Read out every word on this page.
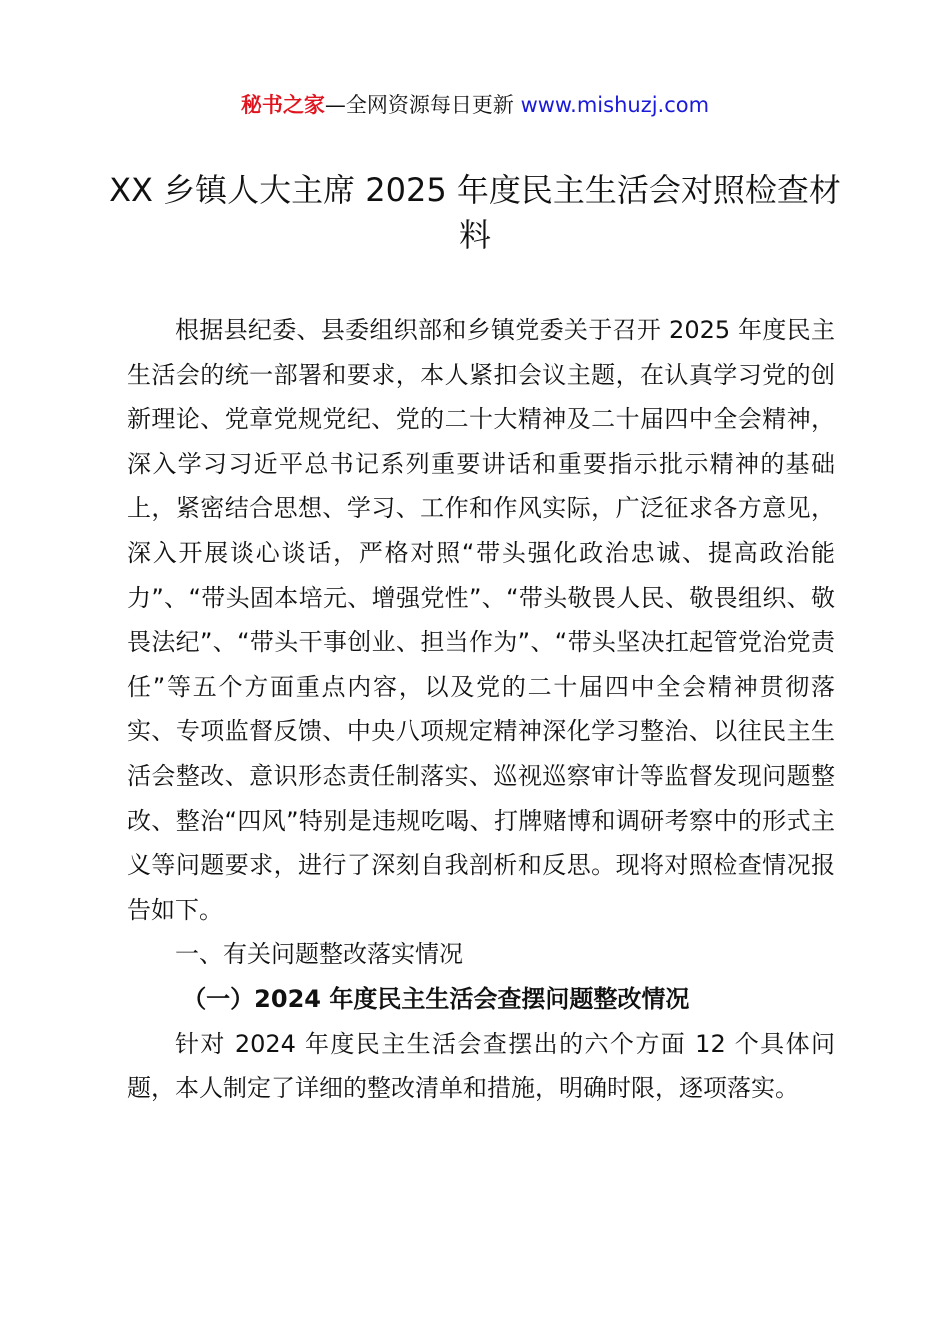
秘书之家—全网资源每日更新 www.mishuzj.com
XX 乡镇人大主席 2025 年度民主生活会对照检查材料

根据县纪委、县委组织部和乡镇党委关于召开 2025 年度民主生活会的统一部署和要求，本人紧扣会议主题，在认真学习党的创新理论、党章党规党纪、党的二十大精神及二十届四中全会精神，深入学习习近平总书记系列重要讲话和重要指示批示精神的基础上，紧密结合思想、学习、工作和作风实际，广泛征求各方意见，深入开展谈心谈话，严格对照“带头强化政治忠诚、提高政治能力”、“带头固本培元、增强党性”、“带头敬畏人民、敬畏组织、敬畏法纪”、“带头干事创业、担当作为”、“带头坚决扛起管党治党责任”等五个方面重点内容，以及党的二十届四中全会精神贯彻落实、专项监督反馈、中央八项规定精神深化学习整治、以往民主生活会整改、意识形态责任制落实、巡视巡察审计等监督发现问题整改、整治“四风”特别是违规吃喝、打牌赌博和调研考察中的形式主义等问题要求，进行了深刻自我剖析和反思。现将对照检查情况报告如下。

一、有关问题整改落实情况

（一）2024 年度民主生活会查摆问题整改情况

针对 2024 年度民主生活会查摆出的六个方面 12 个具体问题，本人制定了详细的整改清单和措施，明确时限，逐项落实。
